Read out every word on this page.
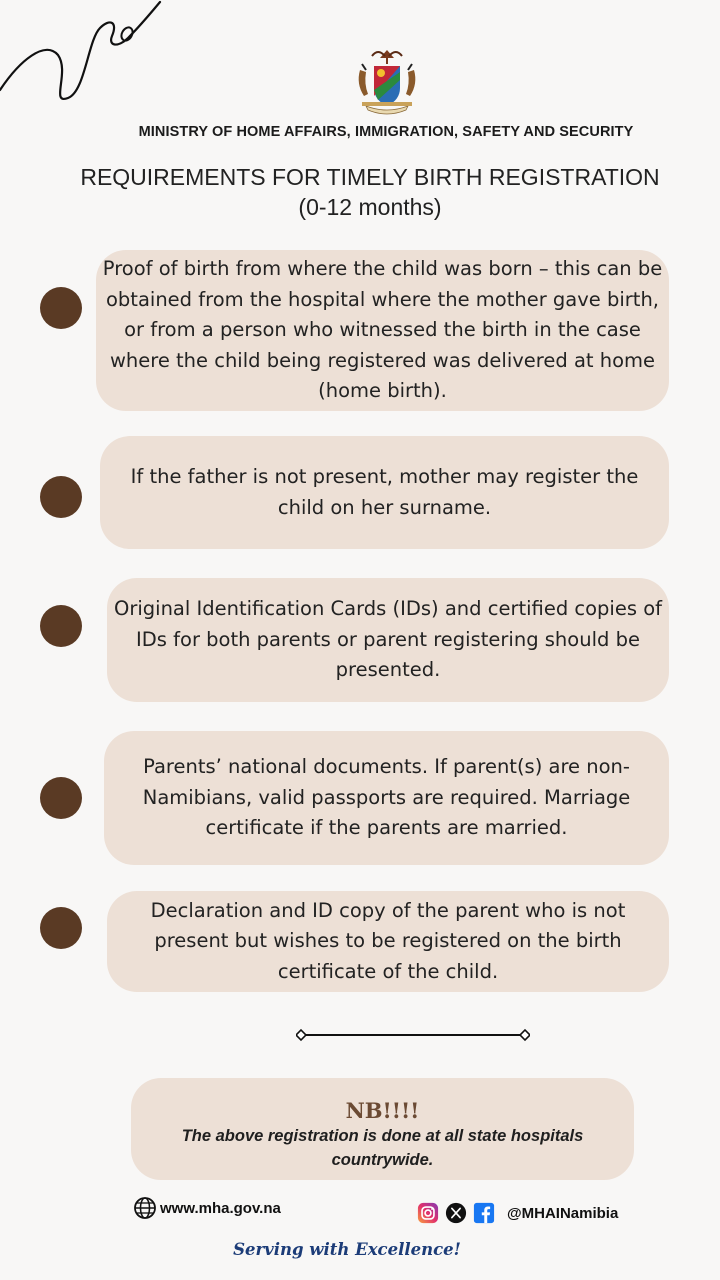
MINISTRY OF HOME AFFAIRS, IMMIGRATION, SAFETY AND SECURITY
REQUIREMENTS FOR TIMELY BIRTH REGISTRATION
(0-12 months)
Proof of birth from where the child was born – this can be obtained from the hospital where the mother gave birth, or from a person who witnessed the birth in the case where the child being registered was delivered at home (home birth).
If the father is not present, mother may register the child on her surname.
Original Identification Cards (IDs) and certified copies of IDs for both parents or parent registering should be presented.
Parents’ national documents. If parent(s) are non-Namibians, valid passports are required. Marriage certificate if the parents are married.
Declaration and ID copy of the parent who is not present but wishes to be registered on the birth certificate of the child.
NB!!!!
The above registration is done at all state hospitals countrywide.
www.mha.gov.na	@MHAINamibia
Serving with Excellence!
